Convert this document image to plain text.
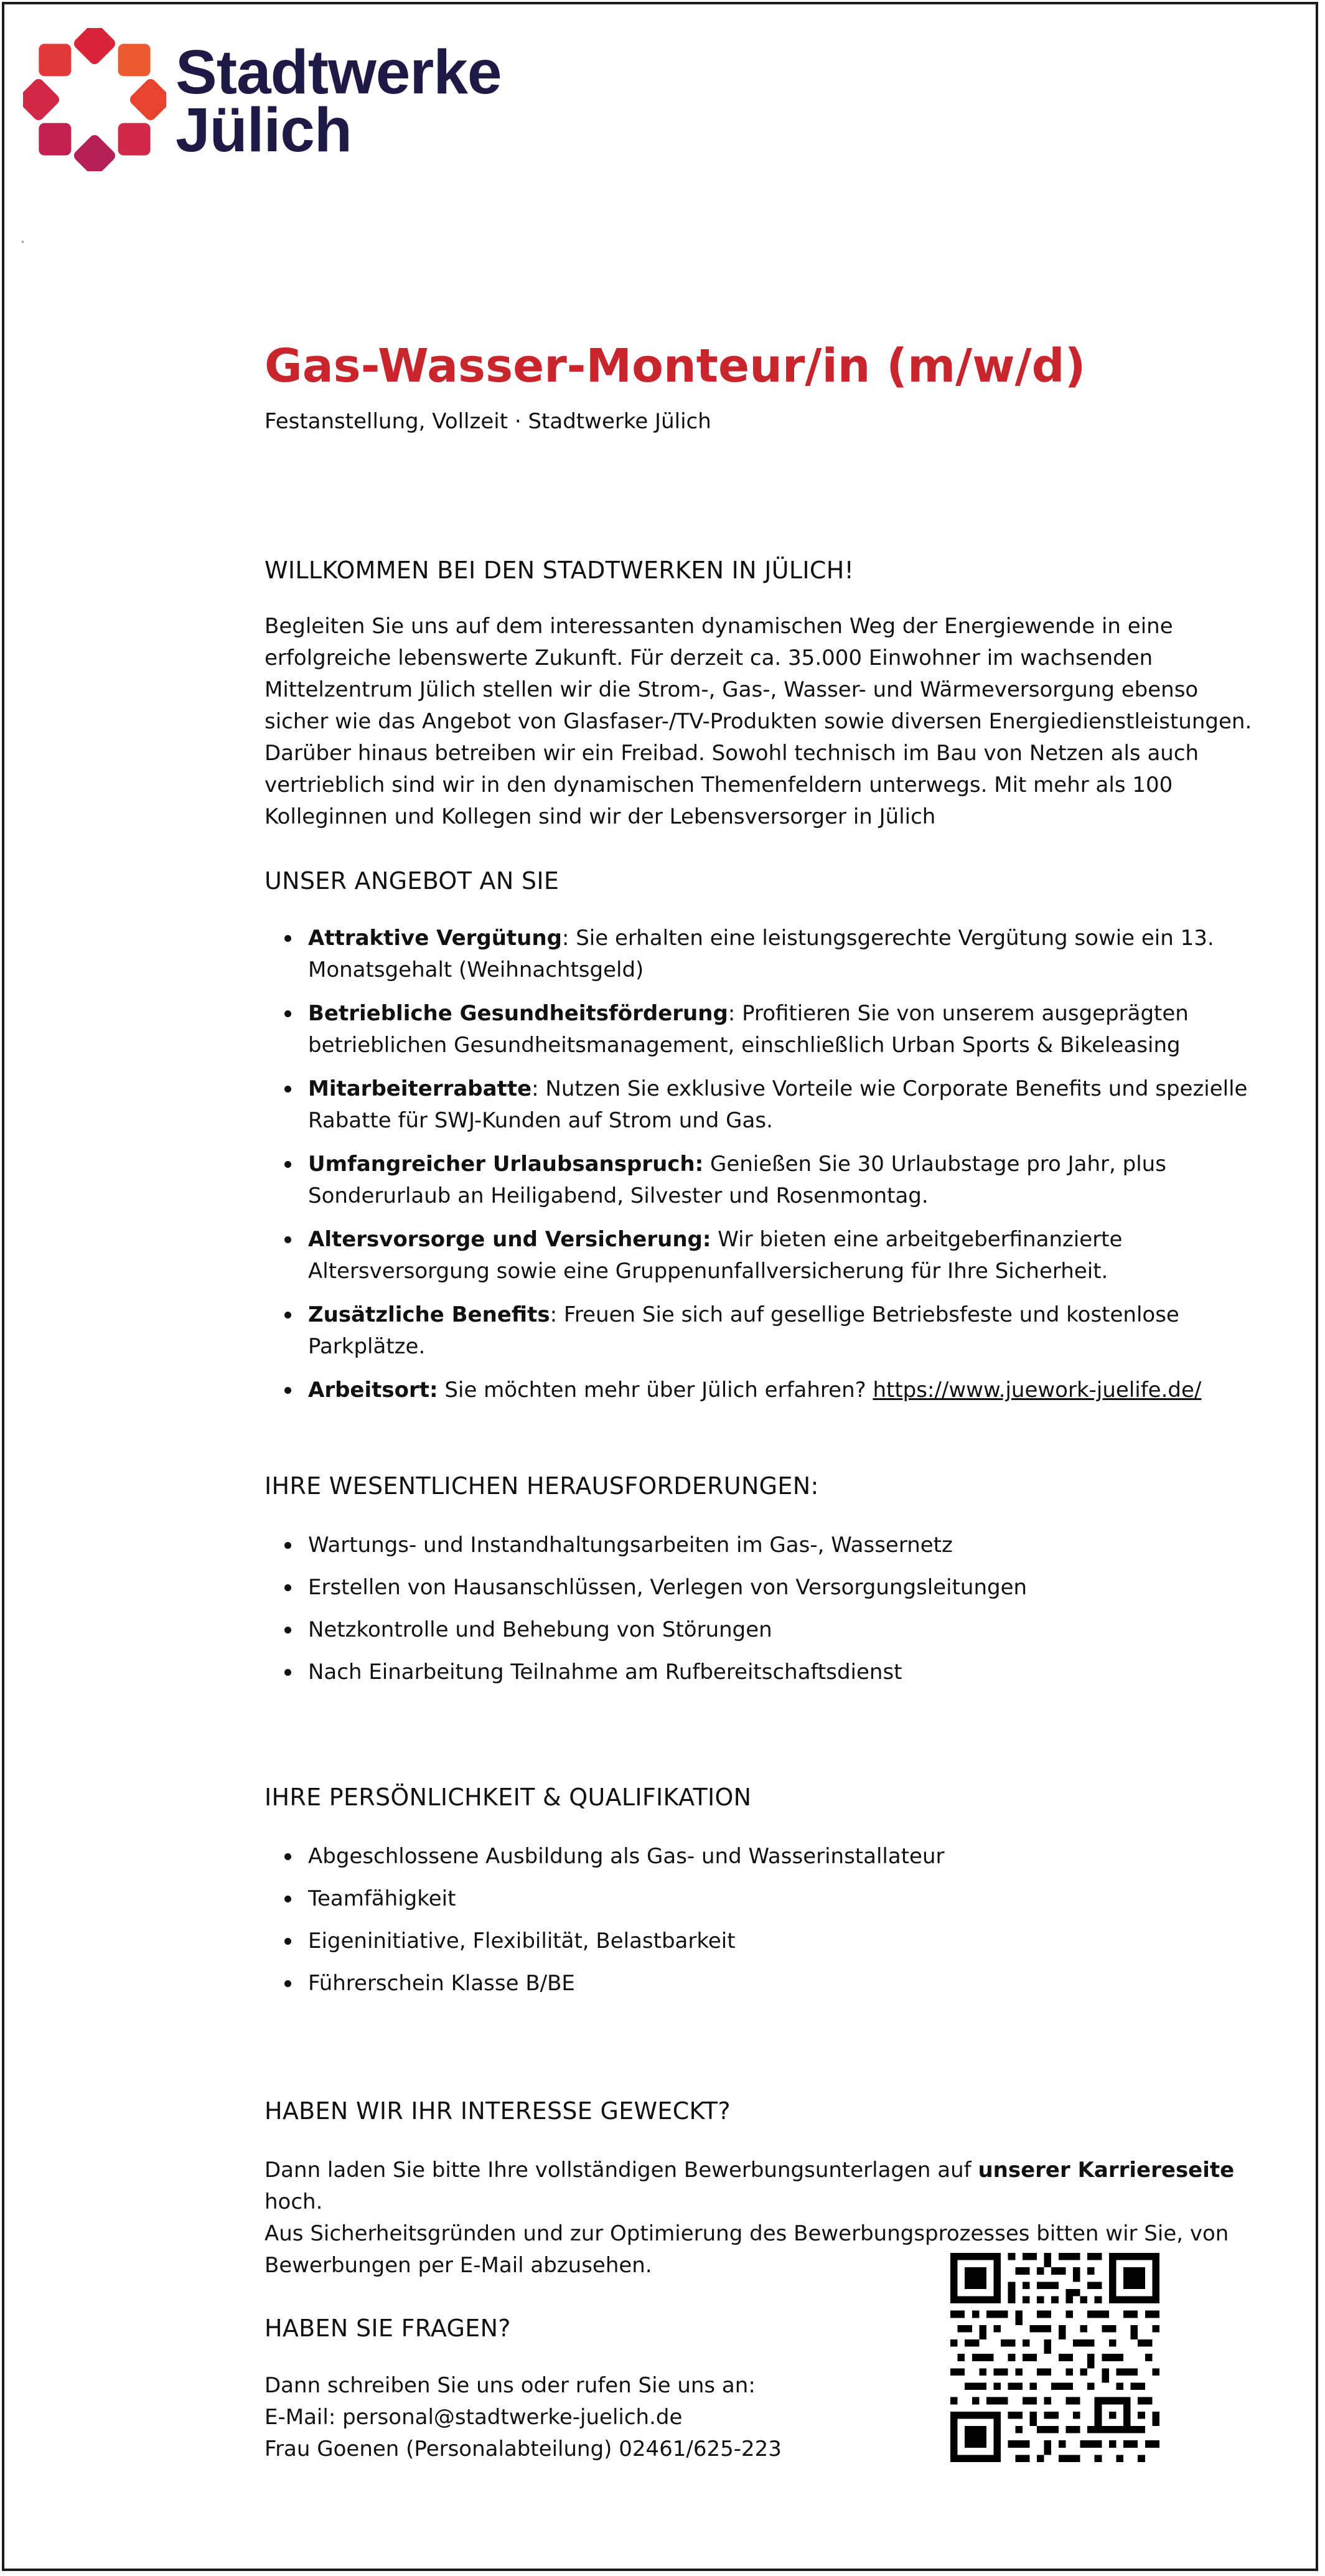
Stadtwerke
Jülich
Gas-Wasser-Monteur/in (m/w/d)
Festanstellung, Vollzeit · Stadtwerke Jülich
WILLKOMMEN BEI DEN STADTWERKEN IN JÜLICH!

Begleiten Sie uns auf dem interessanten dynamischen Weg der Energiewende in eine erfolgreiche lebenswerte Zukunft. Für derzeit ca. 35.000 Einwohner im wachsenden Mittelzentrum Jülich stellen wir die Strom-, Gas-, Wasser- und Wärmeversorgung ebenso sicher wie das Angebot von Glasfaser-/TV-Produkten sowie diversen Energiedienstleistungen. Darüber hinaus betreiben wir ein Freibad. Sowohl technisch im Bau von Netzen als auch vertrieblich sind wir in den dynamischen Themenfeldern unterwegs. Mit mehr als 100 Kolleginnen und Kollegen sind wir der Lebensversorger in Jülich

UNSER ANGEBOT AN SIE
Attraktive Vergütung: Sie erhalten eine leistungsgerechte Vergütung sowie ein 13. Monatsgehalt (Weihnachtsgeld)
Betriebliche Gesundheitsförderung: Profitieren Sie von unserem ausgeprägten betrieblichen Gesundheitsmanagement, einschließlich Urban Sports & Bikeleasing
Mitarbeiterrabatte: Nutzen Sie exklusive Vorteile wie Corporate Benefits und spezielle Rabatte für SWJ-Kunden auf Strom und Gas.
Umfangreicher Urlaubsanspruch: Genießen Sie 30 Urlaubstage pro Jahr, plus Sonderurlaub an Heiligabend, Silvester und Rosenmontag.
Altersvorsorge und Versicherung: Wir bieten eine arbeitgeberfinanzierte Altersversorgung sowie eine Gruppenunfallversicherung für Ihre Sicherheit.
Zusätzliche Benefits: Freuen Sie sich auf gesellige Betriebsfeste und kostenlose Parkplätze.
Arbeitsort: Sie möchten mehr über Jülich erfahren? https://www.juework-juelife.de/
IHRE WESENTLICHEN HERAUSFORDERUNGEN:
Wartungs- und Instandhaltungsarbeiten im Gas-, Wassernetz
Erstellen von Hausanschlüssen, Verlegen von Versorgungsleitungen
Netzkontrolle und Behebung von Störungen
Nach Einarbeitung Teilnahme am Rufbereitschaftsdienst
IHRE PERSÖNLICHKEIT & QUALIFIKATION
Abgeschlossene Ausbildung als Gas- und Wasserinstallateur
Teamfähigkeit
Eigeninitiative, Flexibilität, Belastbarkeit
Führerschein Klasse B/BE
HABEN WIR IHR INTERESSE GEWECKT?

Dann laden Sie bitte Ihre vollständigen Bewerbungsunterlagen auf unserer Karriereseite hoch.
Aus Sicherheitsgründen und zur Optimierung des Bewerbungsprozesses bitten wir Sie, von Bewerbungen per E-Mail abzusehen.

HABEN SIE FRAGEN?

Dann schreiben Sie uns oder rufen Sie uns an:
E-Mail: personal@stadtwerke-juelich.de
Frau Goenen (Personalabteilung) 02461/625-223
